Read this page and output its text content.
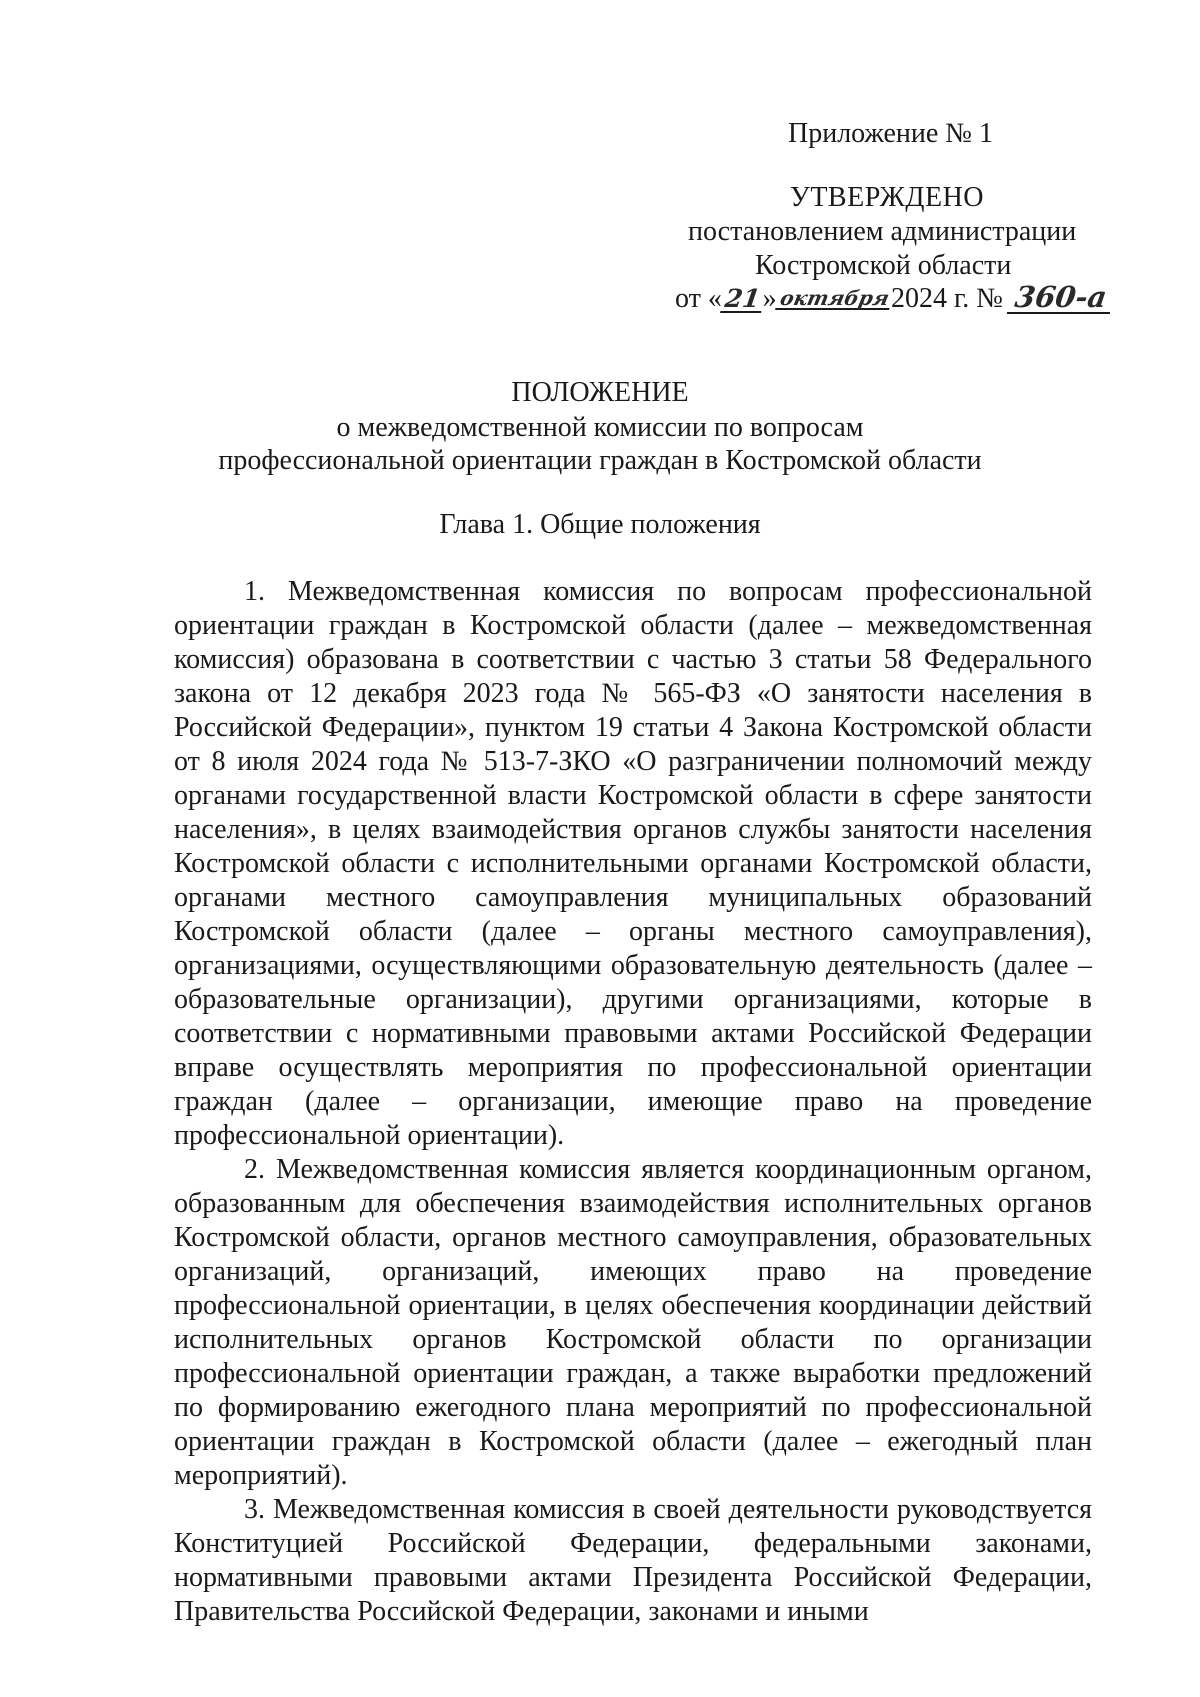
Приложение № 1
УТВЕРЖДЕНО
постановлением администрации
Костромской области
от «21»октября2024 г. № 360-а
ПОЛОЖЕНИЕ
о межведомственной комиссии по вопросам
профессиональной ориентации граждан в Костромской области
Глава 1. Общие положения

1. Межведомственная комиссия по вопросам профессиональной ориентации граждан в Костромской области (далее – межведомственная комиссия) образована в соответствии с частью 3 статьи 58 Федерального закона от 12 декабря 2023 года № 565-ФЗ «О занятости населения в Российской Федерации», пунктом 19 статьи 4 Закона Костромской области от 8 июля 2024 года № 513-7-ЗКО «О разграничении полномочий между органами государственной власти Костромской области в сфере занятости населения», в целях взаимодействия органов службы занятости населения Костромской области с исполнительными органами Костромской области, органами местного самоуправления муниципальных образований Костромской области (далее – органы местного самоуправления), организациями, осуществляющими образовательную деятельность (далее – образовательные организации), другими организациями, которые в соответствии с нормативными правовыми актами Российской Федерации вправе осуществлять мероприятия по профессиональной ориентации граждан (далее – организации, имеющие право на проведение профессиональной ориентации).

2. Межведомственная комиссия является координационным органом, образованным для обеспечения взаимодействия исполнительных органов Костромской области, органов местного самоуправления, образовательных организаций, организаций, имеющих право на проведение профессиональной ориентации, в целях обеспечения координации действий исполнительных органов Костромской области по организации профессиональной ориентации граждан, а также выработки предложений по формированию ежегодного плана мероприятий по профессиональной ориентации граждан в Костромской области (далее – ежегодный план мероприятий).

3. Межведомственная комиссия в своей деятельности руководствуется Конституцией Российской Федерации, федеральными законами, нормативными правовыми актами Президента Российской Федерации, Правительства Российской Федерации, законами и иными
